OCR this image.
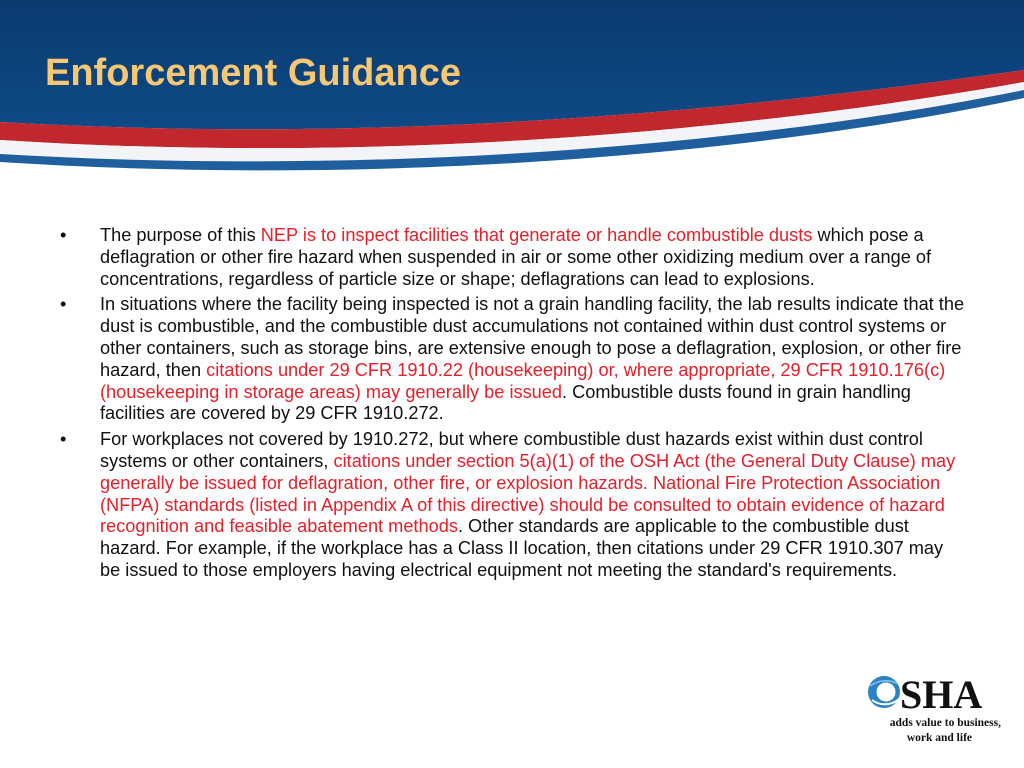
Enforcement Guidance
• The purpose of this NEP is to inspect facilities that generate or handle combustible dusts which pose a deflagration or other fire hazard when suspended in air or some other oxidizing medium over a range of concentrations, regardless of particle size or shape; deflagrations can lead to explosions.
• In situations where the facility being inspected is not a grain handling facility, the lab results indicate that the dust is combustible, and the combustible dust accumulations not contained within dust control systems or other containers, such as storage bins, are extensive enough to pose a deflagration, explosion, or other fire hazard, then citations under 29 CFR 1910.22 (housekeeping) or, where appropriate, 29 CFR 1910.176(c) (housekeeping in storage areas) may generally be issued. Combustible dusts found in grain handling facilities are covered by 29 CFR 1910.272.
• For workplaces not covered by 1910.272, but where combustible dust hazards exist within dust control systems or other containers, citations under section 5(a)(1) of the OSH Act (the General Duty Clause) may generally be issued for deflagration, other fire, or explosion hazards. National Fire Protection Association (NFPA) standards (listed in Appendix A of this directive) should be consulted to obtain evidence of hazard recognition and feasible abatement methods. Other standards are applicable to the combustible dust hazard. For example, if the workplace has a Class II location, then citations under 29 CFR 1910.307 may be issued to those employers having electrical equipment not meeting the standard's requirements.
SHA
adds value to business,
work and life
